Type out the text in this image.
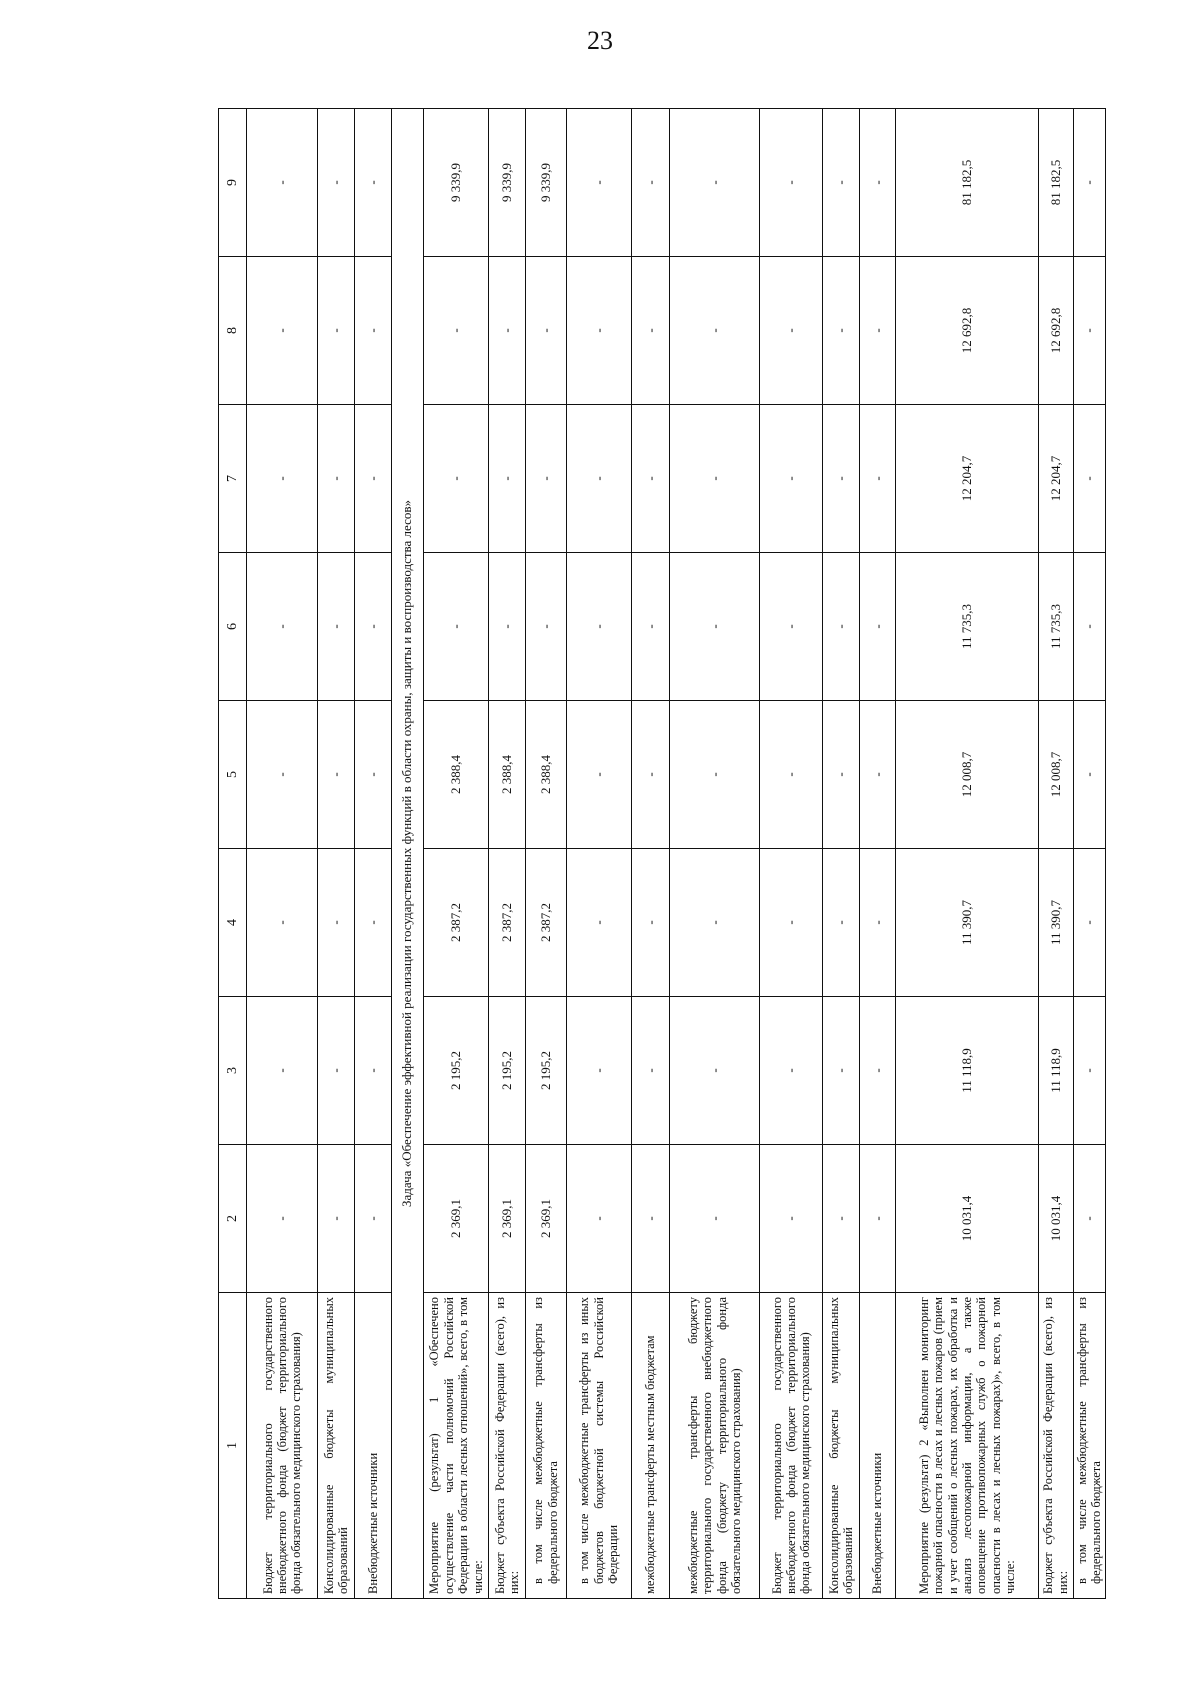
23
1	2	3	4	5	6	7	8	9
Бюджет территориального государственного внебюджетного фонда (бюджет территориального фонда обязательного медицинского страхования)	-	-	-	-	-	-	-	-
Консолидированные бюджеты муниципальных образований	-	-	-	-	-	-	-	-
Внебюджетные источники	-	-	-	-	-	-	-	-
Задача «Обеспечение эффективной реализации государственных функций в области охраны, защиты и воспроизводства лесов»								
Мероприятие (результат) 1 «Обеспечено осуществление части полномочий Российской Федерации в области лесных отношений», всего, в том числе:	2 369,1	2 195,2	2 387,2	2 388,4	-	-	-	9 339,9
Бюджет субъекта Российской Федерации (всего), из них:	2 369,1	2 195,2	2 387,2	2 388,4	-	-	-	9 339,9
в том числе межбюджетные трансферты из федерального бюджета	2 369,1	2 195,2	2 387,2	2 388,4	-	-	-	9 339,9
в том числе межбюджетные трансферты из иных бюджетов бюджетной системы Российской Федерации	-	-	-	-	-	-	-	-
межбюджетные трансферты местным бюджетам	-	-	-	-	-	-	-	-
межбюджетные трансферты бюджету территориального государственного внебюджетного фонда (бюджету территориального фонда обязательного медицинского страхования)	-	-	-	-	-	-	-	-
Бюджет территориального государственного внебюджетного фонда (бюджет территориального фонда обязательного медицинского страхования)	-	-	-	-	-	-	-	-
Консолидированные бюджеты муниципальных образований	-	-	-	-	-	-	-	-
Внебюджетные источники	-	-	-	-	-	-	-	-
Мероприятие (результат) 2 «Выполнен мониторинг пожарной опасности в лесах и лесных пожаров (прием и учет сообщений о лесных пожарах, их обработка и анализ лесопожарной информации, а также оповещение противопожарных служб о пожарной опасности в лесах и лесных пожарах)», всего, в том числе:	10 031,4	11 118,9	11 390,7	12 008,7	11 735,3	12 204,7	12 692,8	81 182,5
Бюджет субъекта Российской Федерации (всего), из них:	10 031,4	11 118,9	11 390,7	12 008,7	11 735,3	12 204,7	12 692,8	81 182,5
в том числе межбюджетные трансферты из федерального бюджета	-	-	-	-	-	-	-	-
